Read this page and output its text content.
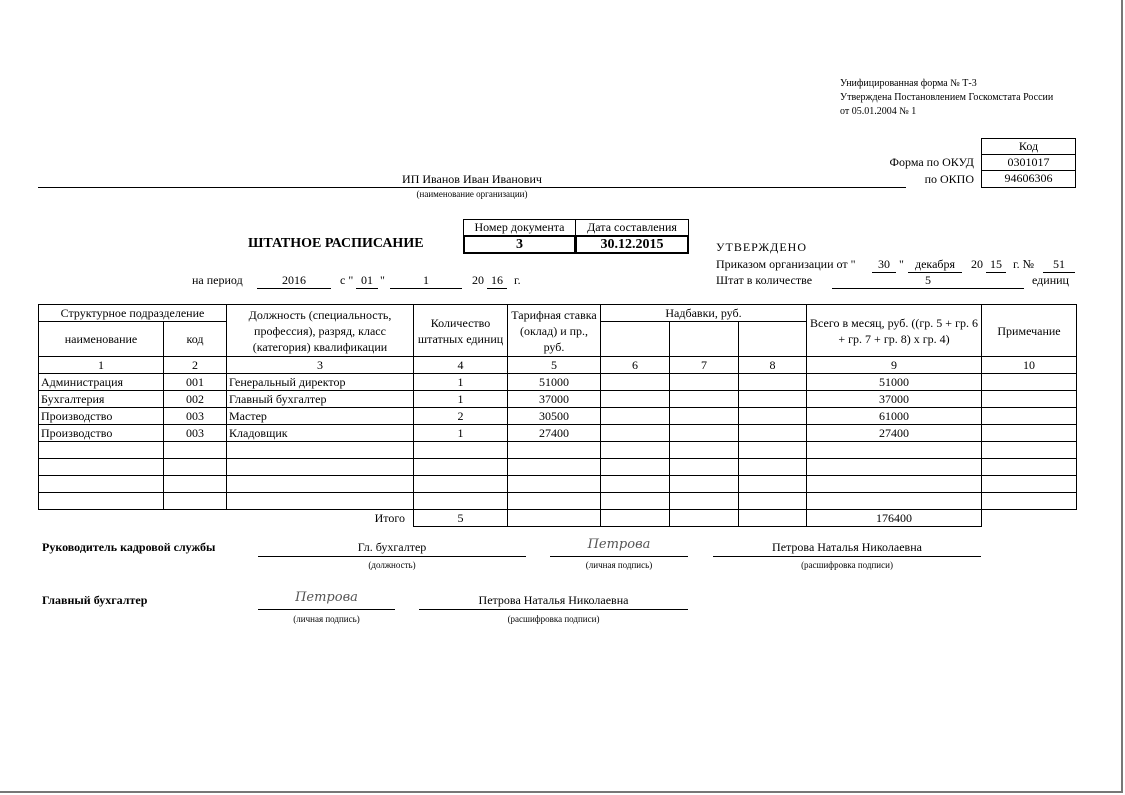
Унифицированная форма № Т-3
Утверждена Постановлением Госкомстата России
от 05.01.2004 № 1
Код
0301017
94606306
Форма по ОКУД
по ОКПО
ИП Иванов Иван Иванович
(наименование организации)
ШТАТНОЕ РАСПИСАНИЕ
Номер документа	Дата составления
3	30.12.2015
на период	2016	с " 01 "	1	20 16 г.
УТВЕРЖДЕНО
Приказом организации от "	30 " декабря	20 15 г. №	51
Штат в количестве	5	единиц
Структурное подразделение		Должность (специальность, профессия), разряд, класс (категория) квалификации	Количество штатных единиц	Тарифная ставка (оклад) и пр., руб.	Надбавки, руб.			Всего в месяц, руб. ((гр. 5 + гр. 6 + гр. 7 + гр. 8) х гр. 4)	Примечание
наименование	код								
1	2	3	4	5	6	7	8	9	10
Администрация	001	Генеральный директор	1	51000				51000	
Бухгалтерия	002	Главный бухгалтер	1	37000				37000	
Производство	003	Мастер	2	30500				61000	
Производство	003	Кладовщик	1	27400				27400	

		Итого	5					176400	
Руководитель кадровой службы	Гл. бухгалтер
(должность)
Петрова
(личная подпись)
Петрова Наталья Николаевна
(расшифровка подписи)
Главный бухгалтер	Петрова
(личная подпись)
Петрова Наталья Николаевна
(расшифровка подписи)
